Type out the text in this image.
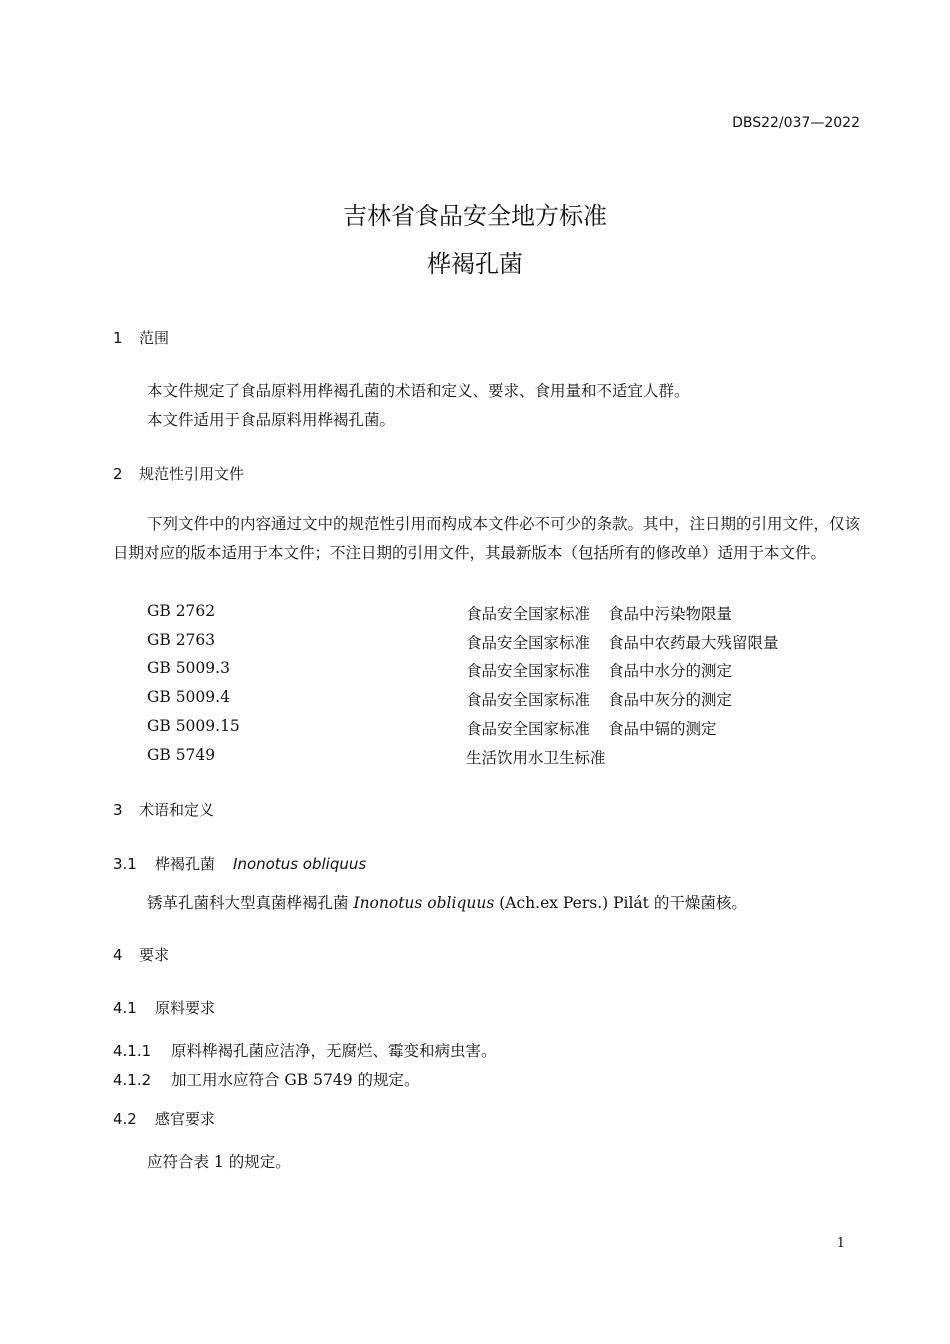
DBS22/037—2022
吉林省食品安全地方标准
桦褐孔菌
1 范围
本文件规定了食品原料用桦褐孔菌的术语和定义、要求、食用量和不适宜人群。
本文件适用于食品原料用桦褐孔菌。
2 规范性引用文件
下列文件中的内容通过文中的规范性引用而构成本文件必不可少的条款。其中，注日期的引用文件，仅该日期对应的版本适用于本文件；不注日期的引用文件，其最新版本（包括所有的修改单）适用于本文件。
GB 2762	食品安全国家标准 食品中污染物限量
GB 2763	食品安全国家标准 食品中农药最大残留限量
GB 5009.3	食品安全国家标准 食品中水分的测定
GB 5009.4	食品安全国家标准 食品中灰分的测定
GB 5009.15	食品安全国家标准 食品中镉的测定
GB 5749	生活饮用水卫生标准
3 术语和定义
3.1 桦褐孔菌 Inonotus obliquus
锈革孔菌科大型真菌桦褐孔菌 Inonotus obliquus (Ach.ex Pers.) Pilát 的干燥菌核。
4 要求
4.1 原料要求
4.1.1 原料桦褐孔菌应洁净，无腐烂、霉变和病虫害。
4.1.2 加工用水应符合 GB 5749 的规定。
4.2 感官要求
应符合表 1 的规定。
1
